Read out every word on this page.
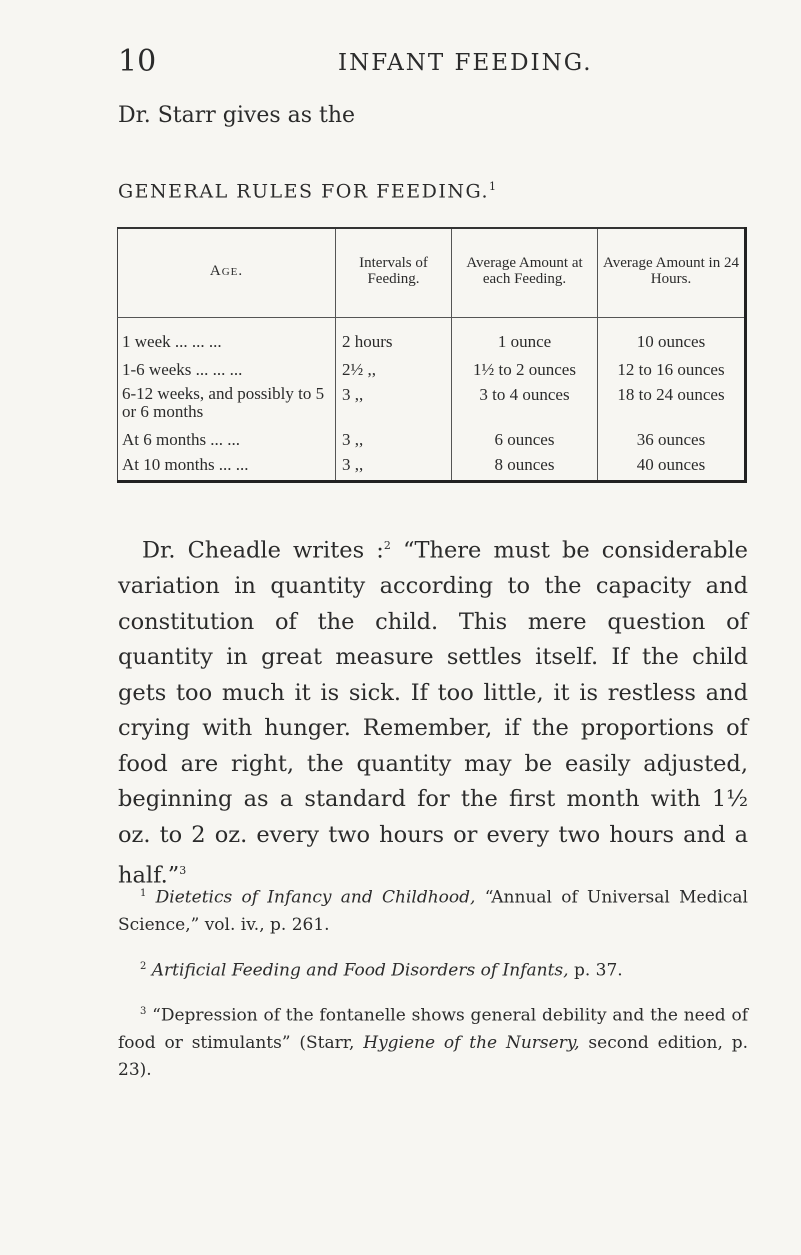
10	INFANT FEEDING.
Dr. Starr gives as the
GENERAL RULES FOR FEEDING.$^1$
Age.	Intervals of Feeding.	Average Amount at each Feeding.	Average Amount in 24 Hours.

1 week ... ... ...	2 hours	1 ounce	10 ounces
1-6 weeks ... ... ...	2½ ,,	1½ to 2 ounces	12 to 16 ounces
6-12 weeks, and possibly to 5 or 6 months	3 ,,	3 to 4 ounces	18 to 24 ounces
At 6 months ... ...	3 ,,	6 ounces	36 ounces
At 10 months ... ...	3 ,,	8 ounces	40 ounces

Dr. Cheadle writes :$^2$ “There must be considerable variation in quantity according to the capacity and constitution of the child. This mere question of quantity in great measure settles itself. If the child gets too much it is sick. If too little, it is restless and crying with hunger. Remember, if the proportions of food are right, the quantity may be easily adjusted, beginning as a standard for the first month with 1½ oz. to 2 oz. every two hours or every two hours and a half.”$^3$

$^1$ Dietetics of Infancy and Childhood, “Annual of Universal Medical Science,” vol. iv., p. 261.

$^2$ Artificial Feeding and Food Disorders of Infants, p. 37.

$^3$ “Depression of the fontanelle shows general debility and the need of food or stimulants” (Starr, Hygiene of the Nursery, second edition, p. 23).
